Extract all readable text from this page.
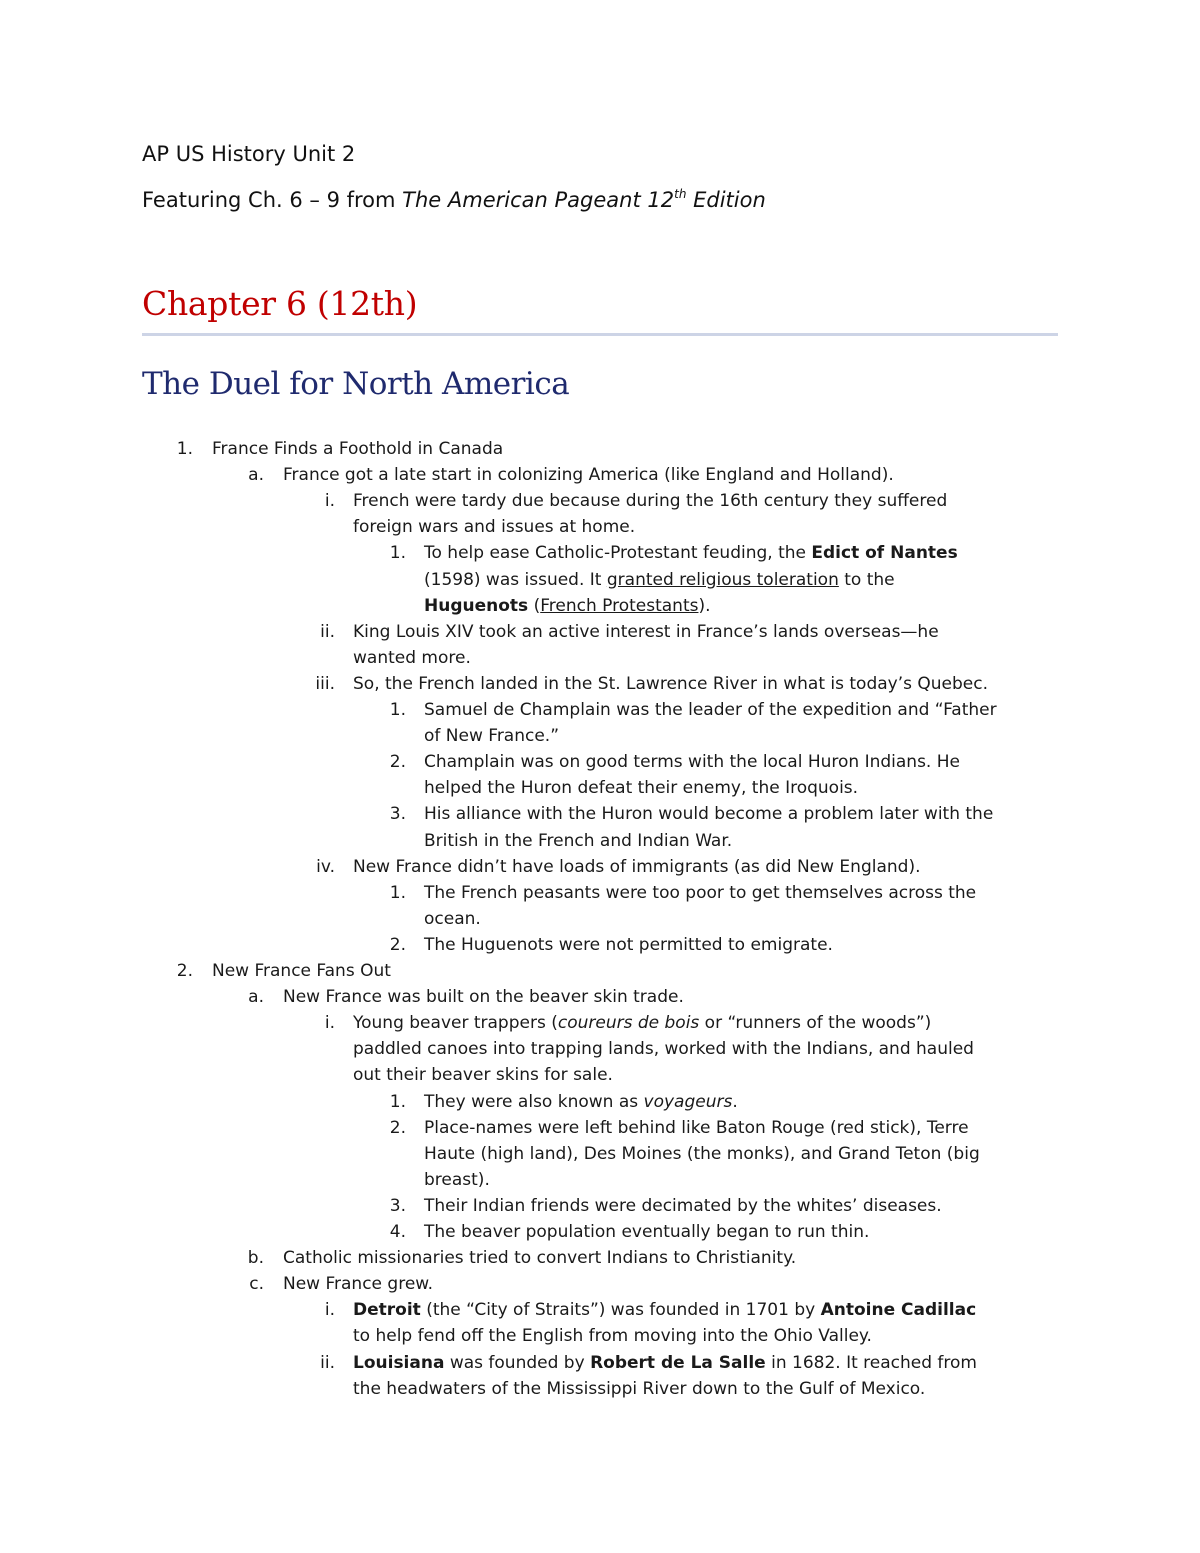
AP US History Unit 2
Featuring Ch. 6 – 9 from The American Pageant 12th Edition
Chapter 6 (12th)
The Duel for North America
1. France Finds a Foothold in Canada
a. France got a late start in colonizing America (like England and Holland).
i. French were tardy due because during the 16th century they suffered
foreign wars and issues at home.
1. To help ease Catholic-Protestant feuding, the Edict of Nantes
(1598) was issued. It granted religious toleration to the
Huguenots (French Protestants).
ii. King Louis XIV took an active interest in France’s lands overseas—he
wanted more.
iii. So, the French landed in the St. Lawrence River in what is today’s Quebec.
1. Samuel de Champlain was the leader of the expedition and “Father
of New France.”
2. Champlain was on good terms with the local Huron Indians. He
helped the Huron defeat their enemy, the Iroquois.
3. His alliance with the Huron would become a problem later with the
British in the French and Indian War.
iv. New France didn’t have loads of immigrants (as did New England).
1. The French peasants were too poor to get themselves across the
ocean.
2. The Huguenots were not permitted to emigrate.
2. New France Fans Out
a. New France was built on the beaver skin trade.
i. Young beaver trappers (coureurs de bois or “runners of the woods”)
paddled canoes into trapping lands, worked with the Indians, and hauled
out their beaver skins for sale.
1. They were also known as voyageurs.
2. Place-names were left behind like Baton Rouge (red stick), Terre
Haute (high land), Des Moines (the monks), and Grand Teton (big
breast).
3. Their Indian friends were decimated by the whites’ diseases.
4. The beaver population eventually began to run thin.
b. Catholic missionaries tried to convert Indians to Christianity.
c. New France grew.
i. Detroit (the “City of Straits”) was founded in 1701 by Antoine Cadillac
to help fend off the English from moving into the Ohio Valley.
ii. Louisiana was founded by Robert de La Salle in 1682. It reached from
the headwaters of the Mississippi River down to the Gulf of Mexico.
